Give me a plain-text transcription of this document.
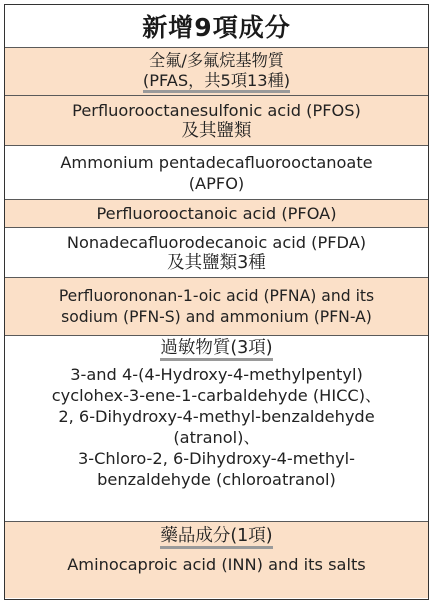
新增9項成分
全氟/多氟烷基物質
(PFAS，共5項13種)
Perfluorooctanesulfonic acid (PFOS)
及其鹽類
Ammonium pentadecafluorooctanoate
(APFO)
Perfluorooctanoic acid (PFOA)
Nonadecafluorodecanoic acid (PFDA)
及其鹽類3種
Perfluorononan-1-oic acid (PFNA) and its
sodium (PFN-S) and ammonium (PFN-A)
過敏物質(3項)
3-and 4-(4-Hydroxy-4-methylpentyl)
cyclohex-3-ene-1-carbaldehyde (HICC)、
2, 6-Dihydroxy-4-methyl-benzaldehyde
(atranol)、
3-Chloro-2, 6-Dihydroxy-4-methyl-
benzaldehyde (chloroatranol)
藥品成分(1項)
Aminocaproic acid (INN) and its salts
